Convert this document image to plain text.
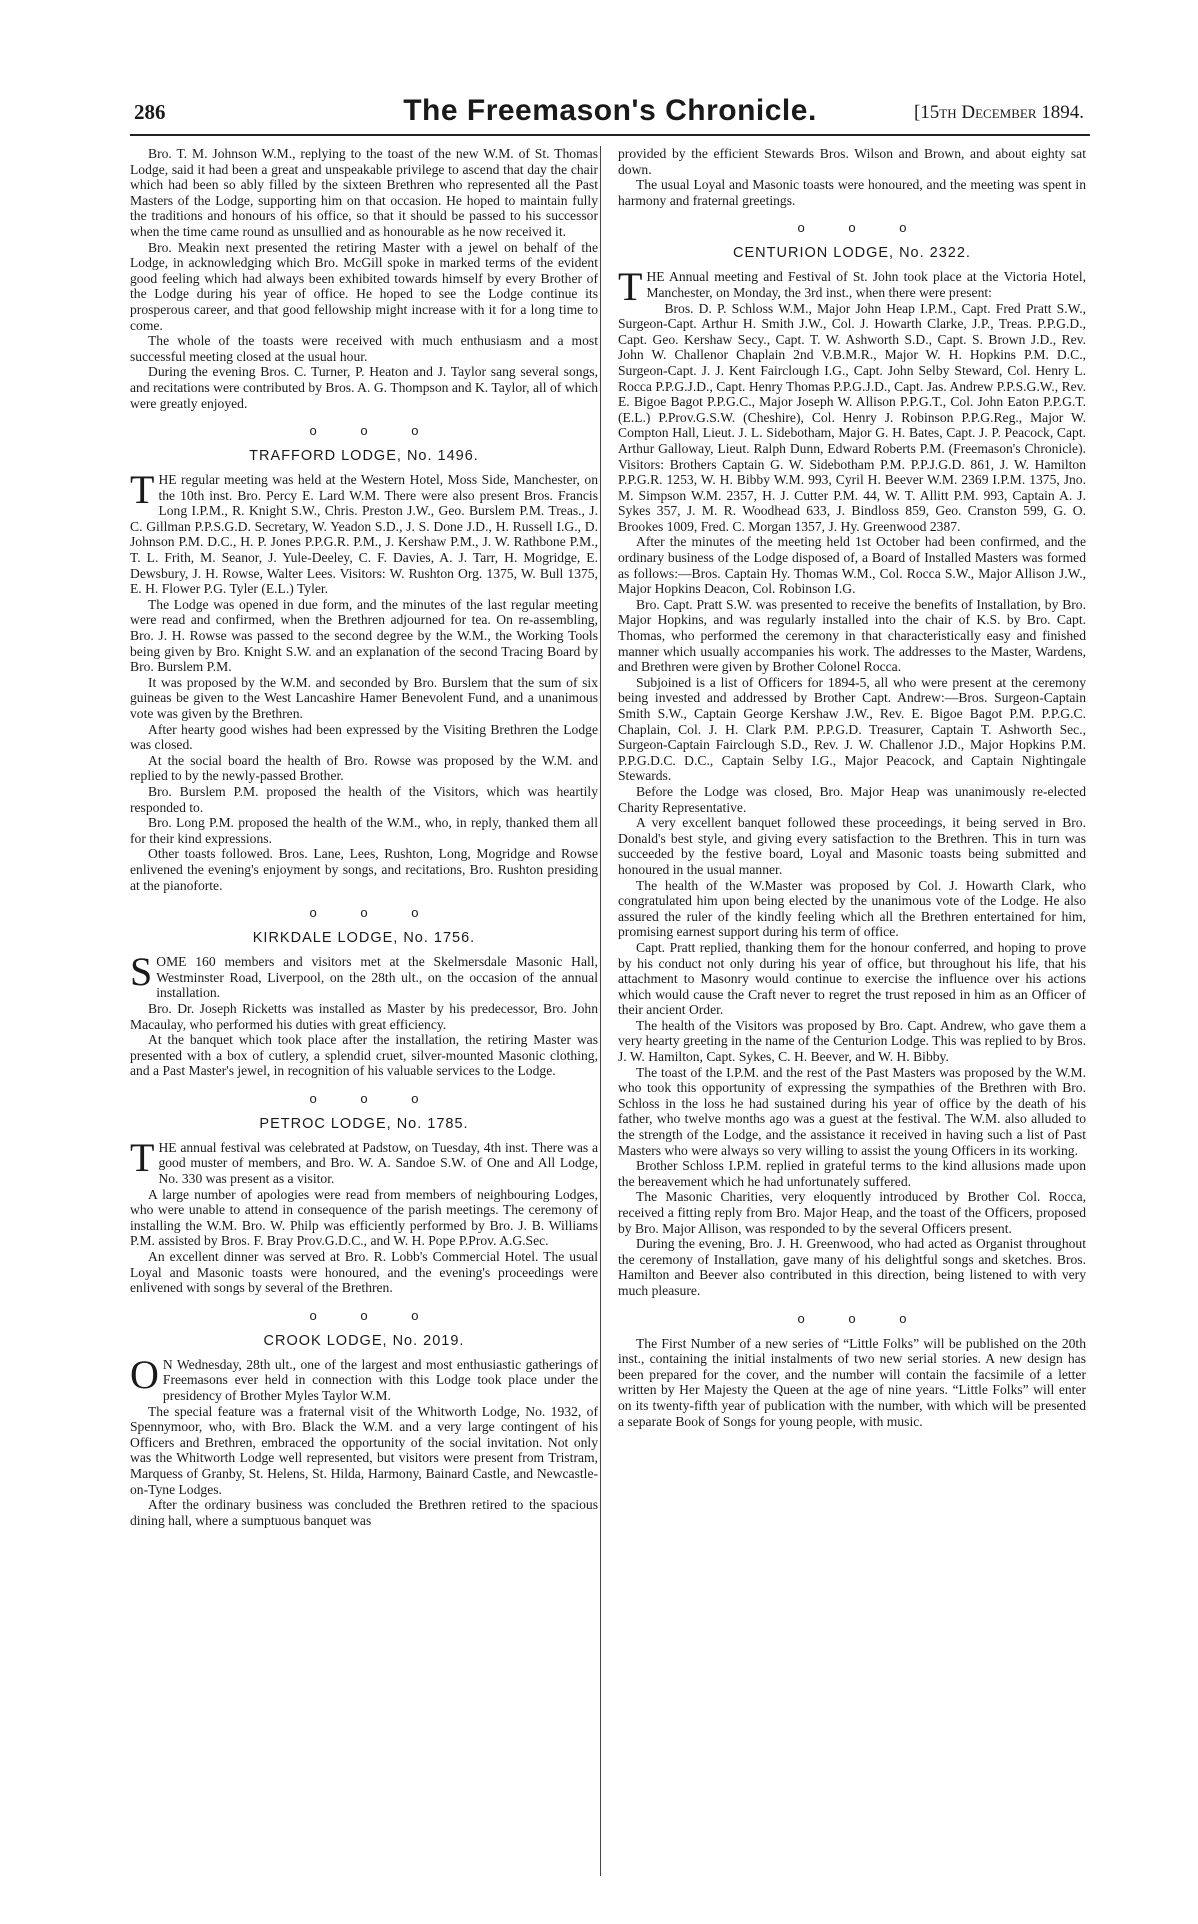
286	The Freemason's Chronicle.	[15th December 1894.

Bro. T. M. Johnson W.M., replying to the toast of the new W.M. of St. Thomas Lodge, said it had been a great and unspeakable privilege to ascend that day the chair which had been so ably filled by the sixteen Brethren who represented all the Past Masters of the Lodge, supporting him on that occasion. He hoped to maintain fully the traditions and honours of his office, so that it should be passed to his successor when the time came round as unsullied and as honourable as he now received it.

Bro. Meakin next presented the retiring Master with a jewel on behalf of the Lodge, in acknowledging which Bro. McGill spoke in marked terms of the evident good feeling which had always been exhibited towards himself by every Brother of the Lodge during his year of office. He hoped to see the Lodge continue its prosperous career, and that good fellowship might increase with it for a long time to come.

The whole of the toasts were received with much enthusiasm and a most successful meeting closed at the usual hour.

During the evening Bros. C. Turner, P. Heaton and J. Taylor sang several songs, and recitations were contributed by Bros. A. G. Thompson and K. Taylor, all of which were greatly enjoyed.

o o o
TRAFFORD LODGE, No. 1496.

THE regular meeting was held at the Western Hotel, Moss Side, Manchester, on the 10th inst. Bro. Percy E. Lard W.M. There were also present Bros. Francis Long I.P.M., R. Knight S.W., Chris. Preston J.W., Geo. Burslem P.M. Treas., J. C. Gillman P.P.S.G.D. Secretary, W. Yeadon S.D., J. S. Done J.D., H. Russell I.G., D. Johnson P.M. D.C., H. P. Jones P.P.G.R. P.M., J. Kershaw P.M., J. W. Rathbone P.M., T. L. Frith, M. Seanor, J. Yule-Deeley, C. F. Davies, A. J. Tarr, H. Mogridge, E. Dewsbury, J. H. Rowse, Walter Lees. Visitors: W. Rushton Org. 1375, W. Bull 1375, E. H. Flower P.G. Tyler (E.L.) Tyler.

The Lodge was opened in due form, and the minutes of the last regular meeting were read and confirmed, when the Brethren adjourned for tea. On re-assembling, Bro. J. H. Rowse was passed to the second degree by the W.M., the Working Tools being given by Bro. Knight S.W. and an explanation of the second Tracing Board by Bro. Burslem P.M.

It was proposed by the W.M. and seconded by Bro. Burslem that the sum of six guineas be given to the West Lancashire Hamer Benevolent Fund, and a unanimous vote was given by the Brethren.

After hearty good wishes had been expressed by the Visiting Brethren the Lodge was closed.

At the social board the health of Bro. Rowse was proposed by the W.M. and replied to by the newly-passed Brother.

Bro. Burslem P.M. proposed the health of the Visitors, which was heartily responded to.

Bro. Long P.M. proposed the health of the W.M., who, in reply, thanked them all for their kind expressions.

Other toasts followed. Bros. Lane, Lees, Rushton, Long, Mogridge and Rowse enlivened the evening's enjoyment by songs, and recitations, Bro. Rushton presiding at the pianoforte.

o o o
KIRKDALE LODGE, No. 1756.

SOME 160 members and visitors met at the Skelmersdale Masonic Hall, Westminster Road, Liverpool, on the 28th ult., on the occasion of the annual installation.

Bro. Dr. Joseph Ricketts was installed as Master by his predecessor, Bro. John Macaulay, who performed his duties with great efficiency.

At the banquet which took place after the installation, the retiring Master was presented with a box of cutlery, a splendid cruet, silver-mounted Masonic clothing, and a Past Master's jewel, in recognition of his valuable services to the Lodge.

o o o
PETROC LODGE, No. 1785.

THE annual festival was celebrated at Padstow, on Tuesday, 4th inst. There was a good muster of members, and Bro. W. A. Sandoe S.W. of One and All Lodge, No. 330 was present as a visitor.

A large number of apologies were read from members of neighbouring Lodges, who were unable to attend in consequence of the parish meetings. The ceremony of installing the W.M. Bro. W. Philp was efficiently performed by Bro. J. B. Williams P.M. assisted by Bros. F. Bray Prov.G.D.C., and W. H. Pope P.Prov. A.G.Sec.

An excellent dinner was served at Bro. R. Lobb's Commercial Hotel. The usual Loyal and Masonic toasts were honoured, and the evening's proceedings were enlivened with songs by several of the Brethren.

o o o
CROOK LODGE, No. 2019.

O N Wednesday, 28th ult., one of the largest and most enthusiastic gatherings of Freemasons ever held in connection with this Lodge took place under the presidency of Brother Myles Taylor W.M.

The special feature was a fraternal visit of the Whitworth Lodge, No. 1932, of Spennymoor, who, with Bro. Black the W.M. and a very large contingent of his Officers and Brethren, embraced the opportunity of the social invitation. Not only was the Whitworth Lodge well represented, but visitors were present from Tristram, Marquess of Granby, St. Helens, St. Hilda, Harmony, Bainard Castle, and Newcastle-on-Tyne Lodges.

After the ordinary business was concluded the Brethren retired to the spacious dining hall, where a sumptuous banquet was

provided by the efficient Stewards Bros. Wilson and Brown, and about eighty sat down.

The usual Loyal and Masonic toasts were honoured, and the meeting was spent in harmony and fraternal greetings.

o o o
CENTURION LODGE, No. 2322.

THE Annual meeting and Festival of St. John took place at the Victoria Hotel, Manchester, on Monday, the 3rd inst., when there were present:

Bros. D. P. Schloss W.M., Major John Heap I.P.M., Capt. Fred Pratt S.W., Surgeon-Capt. Arthur H. Smith J.W., Col. J. Howarth Clarke, J.P., Treas. P.P.G.D., Capt. Geo. Kershaw Secy., Capt. T. W. Ashworth S.D., Capt. S. Brown J.D., Rev. John W. Challenor Chaplain 2nd V.B.M.R., Major W. H. Hopkins P.M. D.C., Surgeon-Capt. J. J. Kent Fairclough I.G., Capt. John Selby Steward, Col. Henry L. Rocca P.P.G.J.D., Capt. Henry Thomas P.P.G.J.D., Capt. Jas. Andrew P.P.S.G.W., Rev. E. Bigoe Bagot P.P.G.C., Major Joseph W. Allison P.P.G.T., Col. John Eaton P.P.G.T. (E.L.) P.Prov.G.S.W. (Cheshire), Col. Henry J. Robinson P.P.G.Reg., Major W. Compton Hall, Lieut. J. L. Sidebotham, Major G. H. Bates, Capt. J. P. Peacock, Capt. Arthur Galloway, Lieut. Ralph Dunn, Edward Roberts P.M. (Freemason's Chronicle). Visitors: Brothers Captain G. W. Sidebotham P.M. P.P.J.G.D. 861, J. W. Hamilton P.P.G.R. 1253, W. H. Bibby W.M. 993, Cyril H. Beever W.M. 2369 I.P.M. 1375, Jno. M. Simpson W.M. 2357, H. J. Cutter P.M. 44, W. T. Allitt P.M. 993, Captain A. J. Sykes 357, J. M. R. Woodhead 633, J. Bindloss 859, Geo. Cranston 599, G. O. Brookes 1009, Fred. C. Morgan 1357, J. Hy. Greenwood 2387.

After the minutes of the meeting held 1st October had been confirmed, and the ordinary business of the Lodge disposed of, a Board of Installed Masters was formed as follows:—Bros. Captain Hy. Thomas W.M., Col. Rocca S.W., Major Allison J.W., Major Hopkins Deacon, Col. Robinson I.G.

Bro. Capt. Pratt S.W. was presented to receive the benefits of Installation, by Bro. Major Hopkins, and was regularly installed into the chair of K.S. by Bro. Capt. Thomas, who performed the ceremony in that characteristically easy and finished manner which usually accompanies his work. The addresses to the Master, Wardens, and Brethren were given by Brother Colonel Rocca.

Subjoined is a list of Officers for 1894-5, all who were present at the ceremony being invested and addressed by Brother Capt. Andrew:—Bros. Surgeon-Captain Smith S.W., Captain George Kershaw J.W., Rev. E. Bigoe Bagot P.M. P.P.G.C. Chaplain, Col. J. H. Clark P.M. P.P.G.D. Treasurer, Captain T. Ashworth Sec., Surgeon-Captain Fairclough S.D., Rev. J. W. Challenor J.D., Major Hopkins P.M. P.P.G.D.C. D.C., Captain Selby I.G., Major Peacock, and Captain Nightingale Stewards.

Before the Lodge was closed, Bro. Major Heap was unanimously re-elected Charity Representative.

A very excellent banquet followed these proceedings, it being served in Bro. Donald's best style, and giving every satisfaction to the Brethren. This in turn was succeeded by the festive board, Loyal and Masonic toasts being submitted and honoured in the usual manner.

The health of the W.Master was proposed by Col. J. Howarth Clark, who congratulated him upon being elected by the unanimous vote of the Lodge. He also assured the ruler of the kindly feeling which all the Brethren entertained for him, promising earnest support during his term of office.

Capt. Pratt replied, thanking them for the honour conferred, and hoping to prove by his conduct not only during his year of office, but throughout his life, that his attachment to Masonry would continue to exercise the influence over his actions which would cause the Craft never to regret the trust reposed in him as an Officer of their ancient Order.

The health of the Visitors was proposed by Bro. Capt. Andrew, who gave them a very hearty greeting in the name of the Centurion Lodge. This was replied to by Bros. J. W. Hamilton, Capt. Sykes, C. H. Beever, and W. H. Bibby.

The toast of the I.P.M. and the rest of the Past Masters was proposed by the W.M. who took this opportunity of expressing the sympathies of the Brethren with Bro. Schloss in the loss he had sustained during his year of office by the death of his father, who twelve months ago was a guest at the festival. The W.M. also alluded to the strength of the Lodge, and the assistance it received in having such a list of Past Masters who were always so very willing to assist the young Officers in its working.

Brother Schloss I.P.M. replied in grateful terms to the kind allusions made upon the bereavement which he had unfortunately suffered.

The Masonic Charities, very eloquently introduced by Brother Col. Rocca, received a fitting reply from Bro. Major Heap, and the toast of the Officers, proposed by Bro. Major Allison, was responded to by the several Officers present.

During the evening, Bro. J. H. Greenwood, who had acted as Organist throughout the ceremony of Installation, gave many of his delightful songs and sketches. Bros. Hamilton and Beever also contributed in this direction, being listened to with very much pleasure.

o o o

The First Number of a new series of “Little Folks” will be published on the 20th inst., containing the initial instalments of two new serial stories. A new design has been prepared for the cover, and the number will contain the facsimile of a letter written by Her Majesty the Queen at the age of nine years. “Little Folks” will enter on its twenty-fifth year of publication with the number, with which will be presented a separate Book of Songs for young people, with music.
